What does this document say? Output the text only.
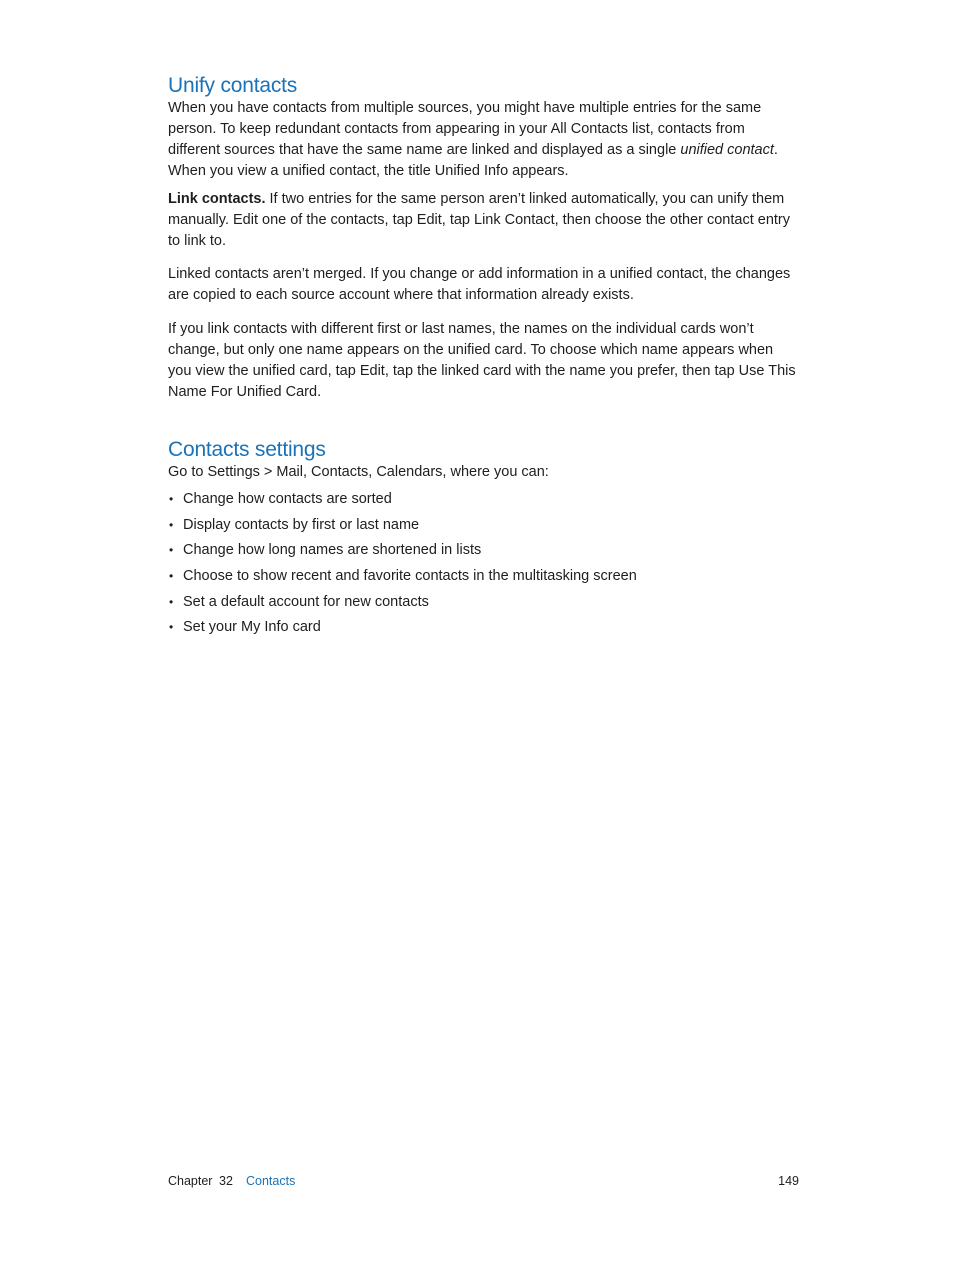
Unify contacts

When you have contacts from multiple sources, you might have multiple entries for the same person. To keep redundant contacts from appearing in your All Contacts list, contacts from different sources that have the same name are linked and displayed as a single unified contact. When you view a unified contact, the title Unified Info appears.

Link contacts. If two entries for the same person aren’t linked automatically, you can unify them manually. Edit one of the contacts, tap Edit, tap Link Contact, then choose the other contact entry to link to.

Linked contacts aren’t merged. If you change or add information in a unified contact, the changes are copied to each source account where that information already exists.

If you link contacts with different first or last names, the names on the individual cards won’t change, but only one name appears on the unified card. To choose which name appears when you view the unified card, tap Edit, tap the linked card with the name you prefer, then tap Use This Name For Unified Card.

Contacts settings

Go to Settings > Mail, Contacts, Calendars, where you can:

• Change how contacts are sorted
• Display contacts by first or last name
• Change how long names are shortened in lists
• Choose to show recent and favorite contacts in the multitasking screen
• Set a default account for new contacts
• Set your My Info card
Chapter 32 Contacts	149
